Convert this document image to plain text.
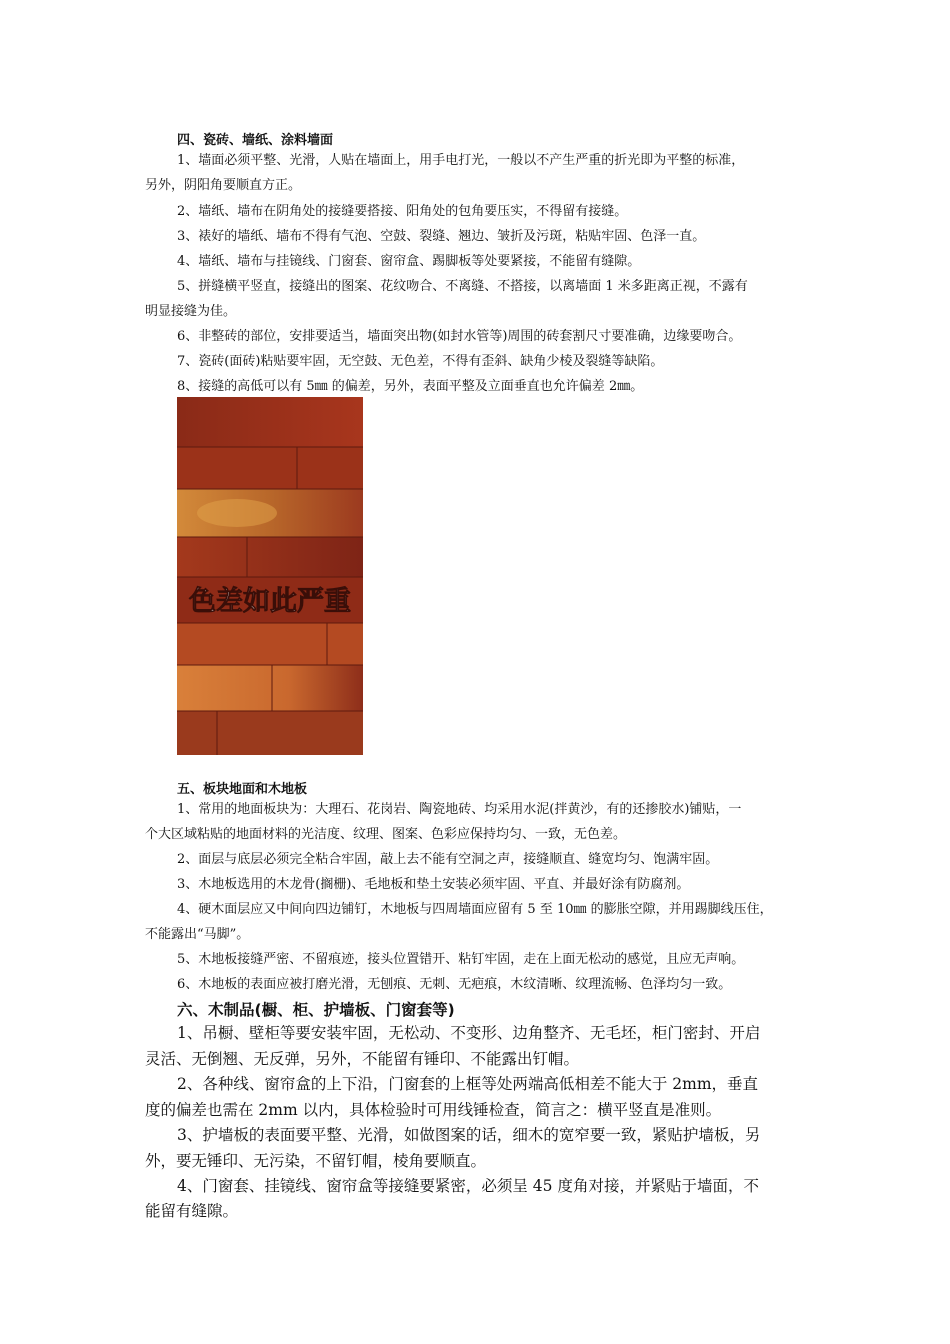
四、瓷砖、墙纸、涂料墙面
1、墙面必须平整、光滑，人贴在墙面上，用手电打光，一般以不产生严重的折光即为平整的标准，
另外，阴阳角要顺直方正。
2、墙纸、墙布在阴角处的接缝要搭接、阳角处的包角要压实，不得留有接缝。
3、裱好的墙纸、墙布不得有气泡、空鼓、裂缝、翘边、皱折及污斑，粘贴牢固、色泽一直。
4、墙纸、墙布与挂镜线、门窗套、窗帘盒、踢脚板等处要紧接，不能留有缝隙。
5、拼缝横平竖直，接缝出的图案、花纹吻合、不离缝、不搭接，以离墙面 1 米多距离正视，不露有
明显接缝为佳。
6、非整砖的部位，安排要适当，墙面突出物(如封水管等)周围的砖套割尺寸要准确，边缘要吻合。
7、瓷砖(面砖)粘贴要牢固，无空鼓、无色差，不得有歪斜、缺角少棱及裂缝等缺陷。
8、接缝的高低可以有 5㎜ 的偏差，另外，表面平整及立面垂直也允许偏差 2㎜。
色差如此严重
五、板块地面和木地板
1、常用的地面板块为：大理石、花岗岩、陶瓷地砖、均采用水泥(拌黄沙，有的还掺胶水)铺贴，一
个大区域粘贴的地面材料的光洁度、纹理、图案、色彩应保持均匀、一致，无色差。
2、面层与底层必须完全粘合牢固，敲上去不能有空洞之声，接缝顺直、缝宽均匀、饱满牢固。
3、木地板选用的木龙骨(搁栅)、毛地板和垫土安装必须牢固、平直、并最好涂有防腐剂。
4、硬木面层应又中间向四边铺钉，木地板与四周墙面应留有 5 至 10㎜ 的膨胀空隙，并用踢脚线压住，
不能露出“马脚”。
5、木地板接缝严密、不留痕迹，接头位置错开、粘钉牢固，走在上面无松动的感觉，且应无声响。
6、木地板的表面应被打磨光滑，无刨痕、无刺、无疤痕，木纹清晰、纹理流畅、色泽均匀一致。
六、木制品(橱、柜、护墙板、门窗套等)
1、吊橱、壁柜等要安装牢固，无松动、不变形、边角整齐、无毛坯，柜门密封、开启
灵活、无倒翘、无反弹，另外，不能留有锤印、不能露出钉帽。
2、各种线、窗帘盒的上下沿，门窗套的上框等处两端高低相差不能大于 2mm，垂直
度的偏差也需在 2mm 以内，具体检验时可用线锤检查，简言之：横平竖直是准则。
3、护墙板的表面要平整、光滑，如做图案的话，细木的宽窄要一致，紧贴护墙板，另
外，要无锤印、无污染，不留钉帽，棱角要顺直。
4、门窗套、挂镜线、窗帘盒等接缝要紧密，必须呈 45 度角对接，并紧贴于墙面，不
能留有缝隙。
